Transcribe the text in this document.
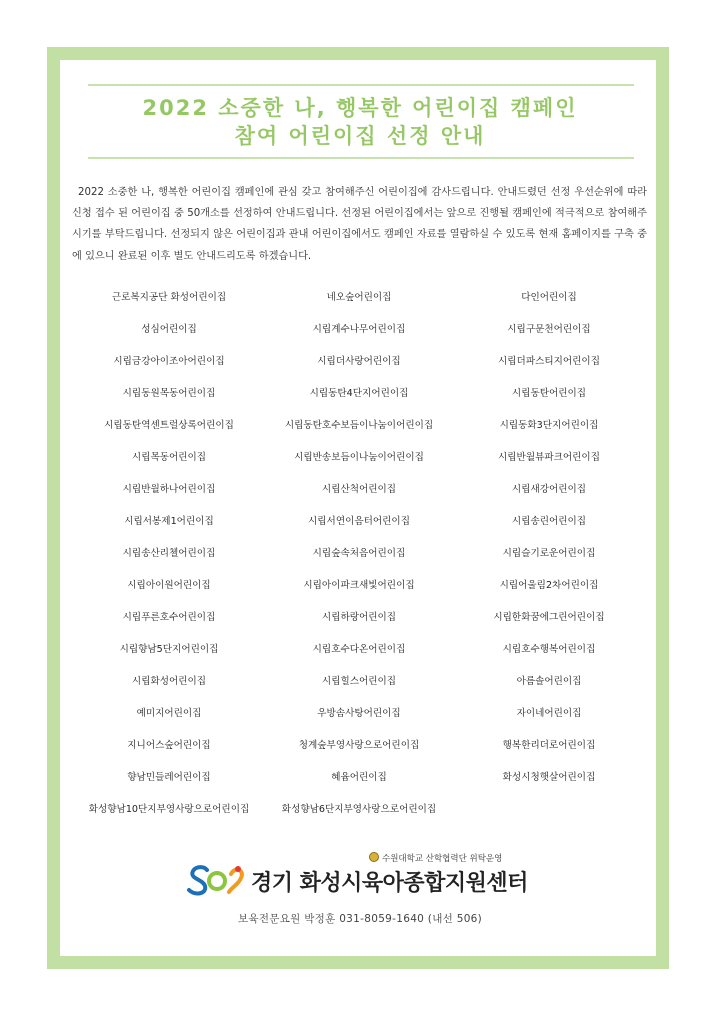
2022 소중한 나, 행복한 어린이집 캠페인
참여 어린이집 선정 안내
2022 소중한 나, 행복한 어린이집 캠페인에 관심 갖고 참여해주신 어린이집에 감사드립니다. 안내드렸던 선정 우선순위에 따라 신청 접수 된 어린이집 중 50개소를 선정하여 안내드립니다. 선정된 어린이집에서는 앞으로 진행될 캠페인에 적극적으로 참여해주시기를 부탁드립니다. 선정되지 않은 어린이집과 관내 어린이집에서도 캠페인 자료를 열람하실 수 있도록 현재 홈페이지를 구축 중에 있으니 완료된 이후 별도 안내드리도록 하겠습니다.
근로복지공단 화성어린이집	네오숲어린이집	다인어린이집
성심어린이집	시립계수나무어린이집	시립구문천어린이집
시립금강아이조아어린이집	시립더사랑어린이집	시립더파스티지어린이집
시립동원목동어린이집	시립동탄4단지어린이집	시립동탄어린이집
시립동탄역센트럴상록어린이집	시립동탄호수보듬이나눔이어린이집	시립동화3단지어린이집
시립목동어린이집	시립반송보듬이나눔이어린이집	시립반월뷰파크어린이집
시립반월하나어린이집	시립산척어린이집	시립새강어린이집
시립서봉제1어린이집	시립서연이음터어린이집	시립송린어린이집
시립송산리첼어린이집	시립숲속처음어린이집	시립슬기로운어린이집
시립아이원어린이집	시립아이파크새빛어린이집	시립어울림2차어린이집
시립푸른호수어린이집	시립하랑어린이집	시립한화꿈에그린어린이집
시립향남5단지어린이집	시립호수다온어린이집	시립호수행복어린이집
시립화성어린이집	시립힐스어린이집	아름솔어린이집
예미지어린이집	우방솜사탕어린이집	자이네어린이집
지니어스숲어린이집	청계숲부영사랑으로어린이집	행복한리더로어린이집
향남민들레어린이집	혜윰어린이집	화성시청햇살어린이집
화성향남10단지부영사랑으로어린이집	화성향남6단지부영사랑으로어린이집
수원대학교 산학협력단 위탁운영
경기 화성시육아종합지원센터
보육전문요원 박정훈 031-8059-1640 (내선 506)
